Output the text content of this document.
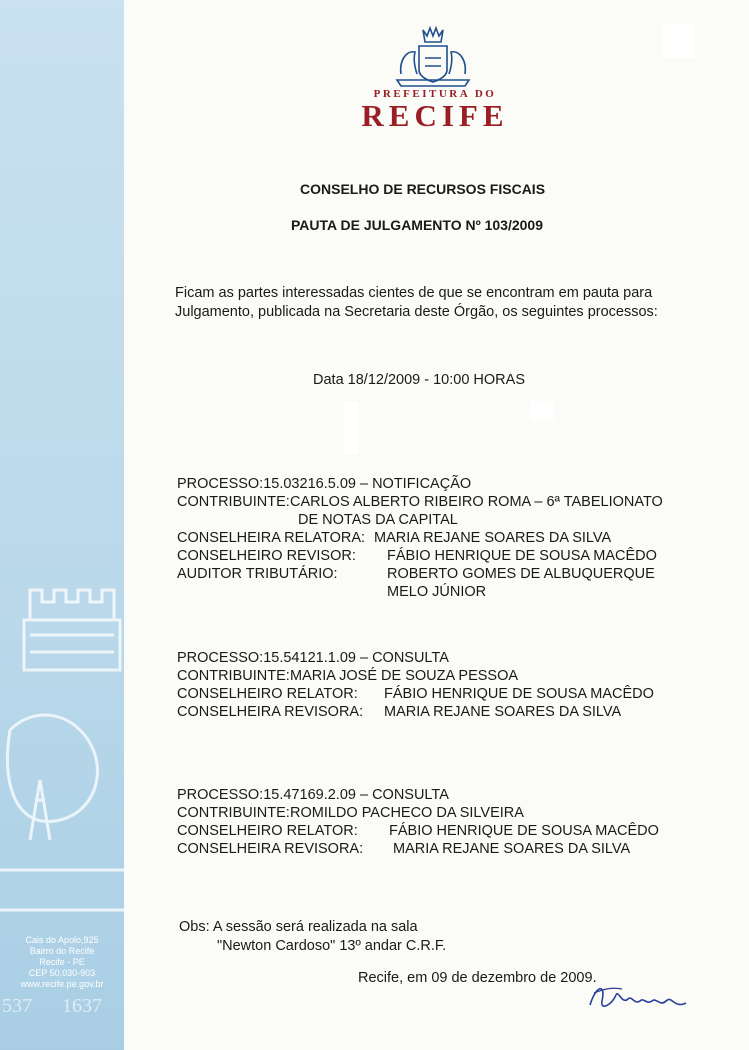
537 1637
Cais do Apolo,925
Bairro do Recife
Recife - PE
CEP 50.030-903
www.recife.pe.gov.br
PREFEITURA DO
RECIFE
CONSELHO DE RECURSOS FISCAIS
PAUTA DE JULGAMENTO Nº 103/2009
Ficam as partes interessadas cientes de que se encontram em pauta para
Julgamento, publicada na Secretaria deste Órgão, os seguintes processos:
Data 18/12/2009 - 10:00 HORAS
PROCESSO:15.03216.5.09 – NOTIFICAÇÃO
CONTRIBUINTE: CARLOS ALBERTO RIBEIRO ROMA – 6ª TABELIONATO
DE NOTAS DA CAPITAL
CONSELHEIRA RELATORA: MARIA REJANE SOARES DA SILVA
CONSELHEIRO REVISOR: FÁBIO HENRIQUE DE SOUSA MACÊDO
AUDITOR TRIBUTÁRIO:	ROBERTO GOMES DE ALBUQUERQUE
MELO JÚNIOR
PROCESSO:15.54121.1.09 – CONSULTA
CONTRIBUINTE: MARIA JOSÉ DE SOUZA PESSOA
CONSELHEIRO RELATOR: FÁBIO HENRIQUE DE SOUSA MACÊDO
CONSELHEIRA REVISORA: MARIA REJANE SOARES DA SILVA
PROCESSO:15.47169.2.09 – CONSULTA
CONTRIBUINTE: ROMILDO PACHECO DA SILVEIRA
CONSELHEIRO RELATOR: FÁBIO HENRIQUE DE SOUSA MACÊDO
CONSELHEIRA REVISORA: MARIA REJANE SOARES DA SILVA
Obs: A sessão será realizada na sala
"Newton Cardoso" 13º andar C.R.F.
Recife, em 09 de dezembro de 2009.
